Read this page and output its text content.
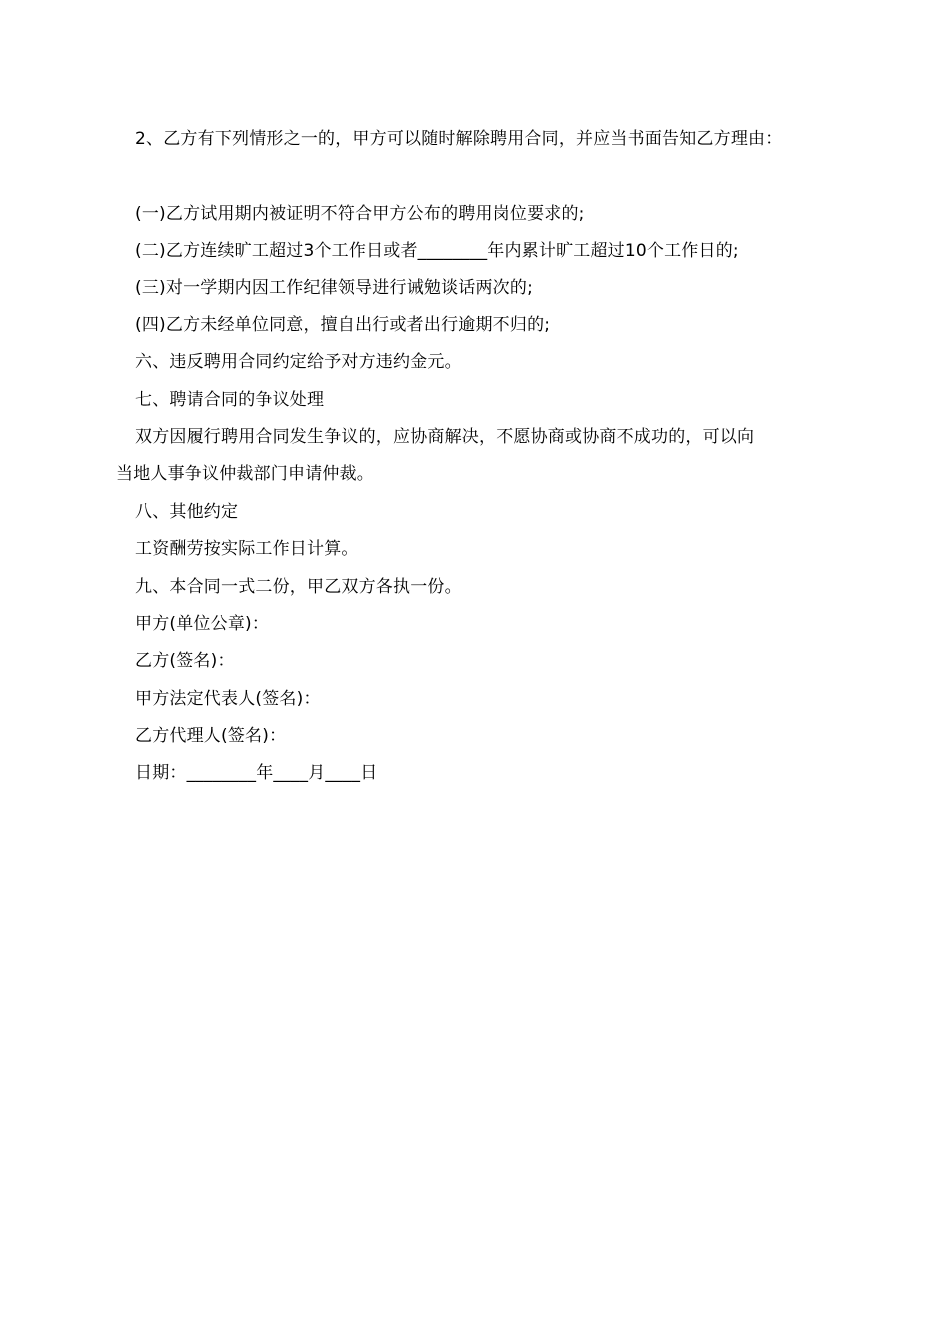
2、乙方有下列情形之一的，甲方可以随时解除聘用合同，并应当书面告知乙方理由：
(一)乙方试用期内被证明不符合甲方公布的聘用岗位要求的;
(二)乙方连续旷工超过3个工作日或者________年内累计旷工超过10个工作日的;
(三)对一学期内因工作纪律领导进行诫勉谈话两次的;
(四)乙方未经单位同意，擅自出行或者出行逾期不归的;
六、违反聘用合同约定给予对方违约金元。
七、聘请合同的争议处理
双方因履行聘用合同发生争议的，应协商解决，不愿协商或协商不成功的，可以向
当地人事争议仲裁部门申请仲裁。
八、其他约定
工资酬劳按实际工作日计算。
九、本合同一式二份，甲乙双方各执一份。
甲方(单位公章)：
乙方(签名)：
甲方法定代表人(签名)：
乙方代理人(签名)：
日期：________年____月____日
